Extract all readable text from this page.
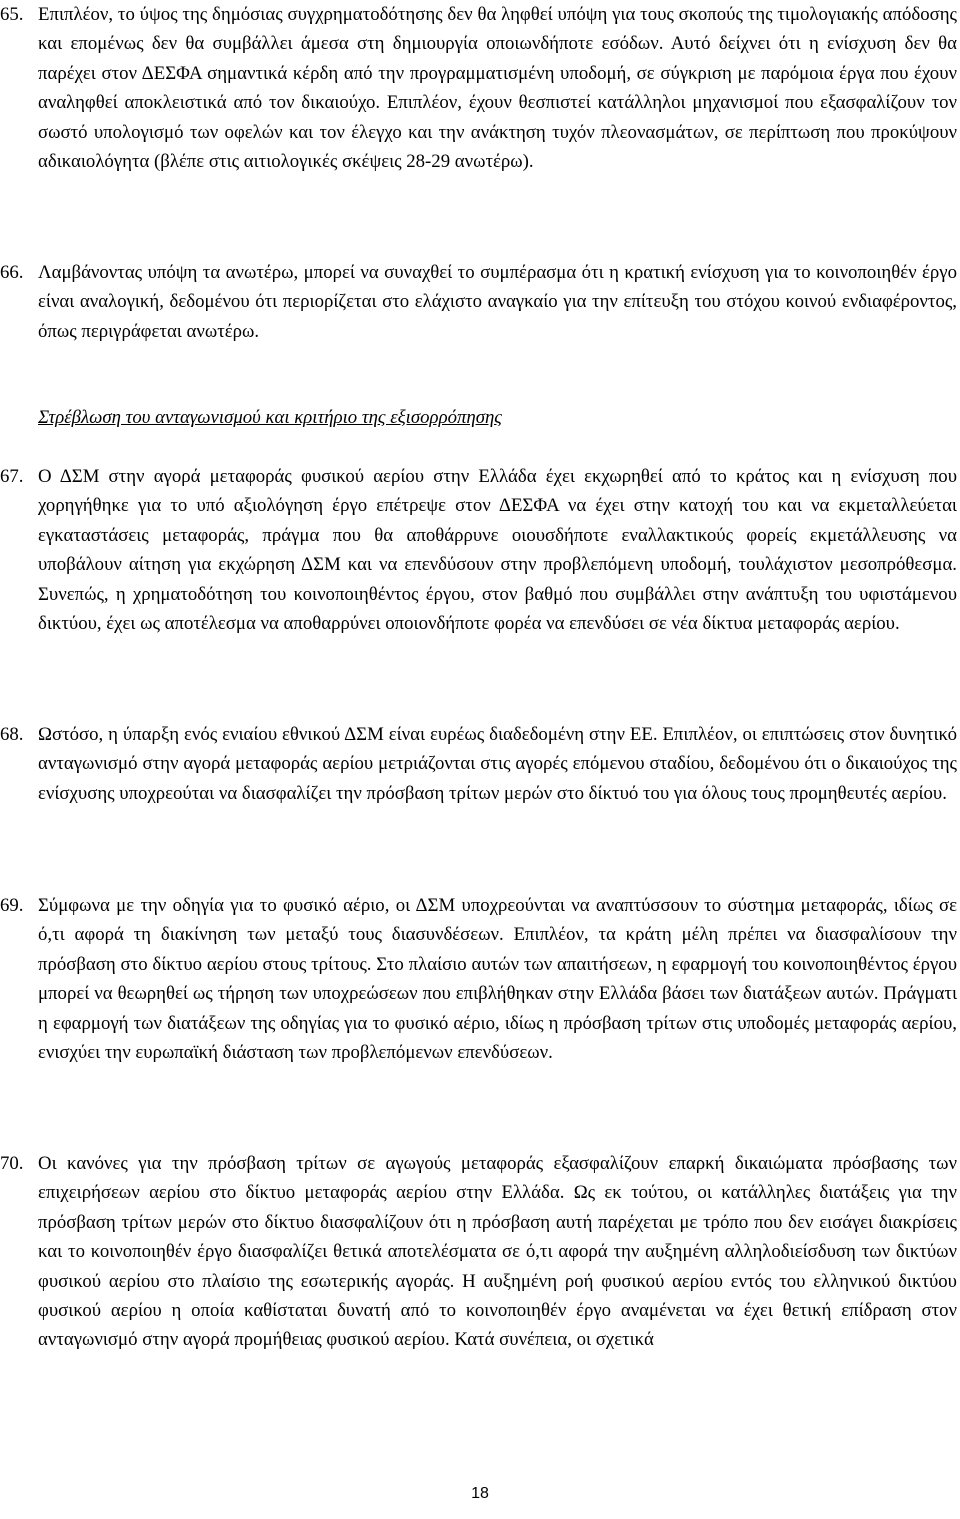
65. Επιπλέον, το ύψος της δημόσιας συγχρηματοδότησης δεν θα ληφθεί υπόψη για τους σκοπούς της τιμολογιακής απόδοσης και επομένως δεν θα συμβάλλει άμεσα στη δημιουργία οποιωνδήποτε εσόδων. Αυτό δείχνει ότι η ενίσχυση δεν θα παρέχει στον ΔΕΣΦΑ σημαντικά κέρδη από την προγραμματισμένη υποδομή, σε σύγκριση με παρόμοια έργα που έχουν αναληφθεί αποκλειστικά από τον δικαιούχο. Επιπλέον, έχουν θεσπιστεί κατάλληλοι μηχανισμοί που εξασφαλίζουν τον σωστό υπολογισμό των οφελών και τον έλεγχο και την ανάκτηση τυχόν πλεονασμάτων, σε περίπτωση που προκύψουν αδικαιολόγητα (βλέπε στις αιτιολογικές σκέψεις 28-29 ανωτέρω).
66. Λαμβάνοντας υπόψη τα ανωτέρω, μπορεί να συναχθεί το συμπέρασμα ότι η κρατική ενίσχυση για το κοινοποιηθέν έργο είναι αναλογική, δεδομένου ότι περιορίζεται στο ελάχιστο αναγκαίο για την επίτευξη του στόχου κοινού ενδιαφέροντος, όπως περιγράφεται ανωτέρω.
Στρέβλωση του ανταγωνισμού και κριτήριο της εξισορρόπησης
67. Ο ΔΣΜ στην αγορά μεταφοράς φυσικού αερίου στην Ελλάδα έχει εκχωρηθεί από το κράτος και η ενίσχυση που χορηγήθηκε για το υπό αξιολόγηση έργο επέτρεψε στον ΔΕΣΦΑ να έχει στην κατοχή του και να εκμεταλλεύεται εγκαταστάσεις μεταφοράς, πράγμα που θα αποθάρρυνε οιουσδήποτε εναλλακτικούς φορείς εκμετάλλευσης να υποβάλουν αίτηση για εκχώρηση ΔΣΜ και να επενδύσουν στην προβλεπόμενη υποδομή, τουλάχιστον μεσοπρόθεσμα. Συνεπώς, η χρηματοδότηση του κοινοποιηθέντος έργου, στον βαθμό που συμβάλλει στην ανάπτυξη του υφιστάμενου δικτύου, έχει ως αποτέλεσμα να αποθαρρύνει οποιονδήποτε φορέα να επενδύσει σε νέα δίκτυα μεταφοράς αερίου.
68. Ωστόσο, η ύπαρξη ενός ενιαίου εθνικού ΔΣΜ είναι ευρέως διαδεδομένη στην ΕΕ. Επιπλέον, οι επιπτώσεις στον δυνητικό ανταγωνισμό στην αγορά μεταφοράς αερίου μετριάζονται στις αγορές επόμενου σταδίου, δεδομένου ότι ο δικαιούχος της ενίσχυσης υποχρεούται να διασφαλίζει την πρόσβαση τρίτων μερών στο δίκτυό του για όλους τους προμηθευτές αερίου.
69. Σύμφωνα με την οδηγία για το φυσικό αέριο, οι ΔΣΜ υποχρεούνται να αναπτύσσουν το σύστημα μεταφοράς, ιδίως σε ό,τι αφορά τη διακίνηση των μεταξύ τους διασυνδέσεων. Επιπλέον, τα κράτη μέλη πρέπει να διασφαλίσουν την πρόσβαση στο δίκτυο αερίου στους τρίτους. Στο πλαίσιο αυτών των απαιτήσεων, η εφαρμογή του κοινοποιηθέντος έργου μπορεί να θεωρηθεί ως τήρηση των υποχρεώσεων που επιβλήθηκαν στην Ελλάδα βάσει των διατάξεων αυτών. Πράγματι η εφαρμογή των διατάξεων της οδηγίας για το φυσικό αέριο, ιδίως η πρόσβαση τρίτων στις υποδομές μεταφοράς αερίου, ενισχύει την ευρωπαϊκή διάσταση των προβλεπόμενων επενδύσεων.
70. Οι κανόνες για την πρόσβαση τρίτων σε αγωγούς μεταφοράς εξασφαλίζουν επαρκή δικαιώματα πρόσβασης των επιχειρήσεων αερίου στο δίκτυο μεταφοράς αερίου στην Ελλάδα. Ως εκ τούτου, οι κατάλληλες διατάξεις για την πρόσβαση τρίτων μερών στο δίκτυο διασφαλίζουν ότι η πρόσβαση αυτή παρέχεται με τρόπο που δεν εισάγει διακρίσεις και το κοινοποιηθέν έργο διασφαλίζει θετικά αποτελέσματα σε ό,τι αφορά την αυξημένη αλληλοδιείσδυση των δικτύων φυσικού αερίου στο πλαίσιο της εσωτερικής αγοράς. Η αυξημένη ροή φυσικού αερίου εντός του ελληνικού δικτύου φυσικού αερίου η οποία καθίσταται δυνατή από το κοινοποιηθέν έργο αναμένεται να έχει θετική επίδραση στον ανταγωνισμό στην αγορά προμήθειας φυσικού αερίου. Κατά συνέπεια, οι σχετικά
18
